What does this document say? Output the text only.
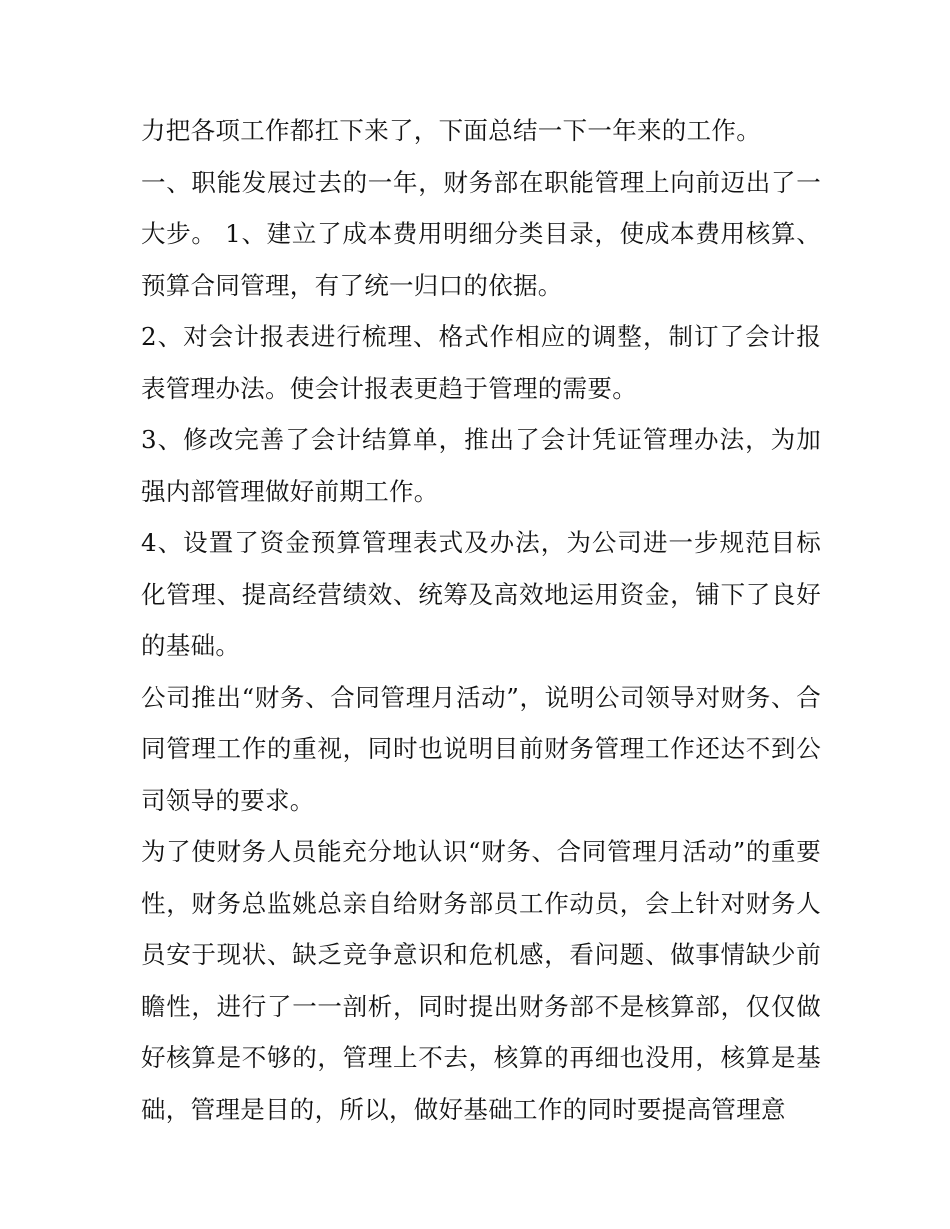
力把各项工作都扛下来了，下面总结一下一年来的工作。

一、职能发展过去的一年，财务部在职能管理上向前迈出了一大步。 1、建立了成本费用明细分类目录，使成本费用核算、预算合同管理，有了统一归口的依据。

2、对会计报表进行梳理、格式作相应的调整，制订了会计报表管理办法。使会计报表更趋于管理的需要。

3、修改完善了会计结算单，推出了会计凭证管理办法，为加强内部管理做好前期工作。

4、设置了资金预算管理表式及办法，为公司进一步规范目标化管理、提高经营绩效、统筹及高效地运用资金，铺下了良好的基础。

公司推出“财务、合同管理月活动”，说明公司领导对财务、合同管理工作的重视，同时也说明目前财务管理工作还达不到公司领导的要求。

为了使财务人员能充分地认识“财务、合同管理月活动”的重要性，财务总监姚总亲自给财务部员工作动员，会上针对财务人员安于现状、缺乏竞争意识和危机感，看问题、做事情缺少前瞻性，进行了一一剖析，同时提出财务部不是核算部，仅仅做好核算是不够的，管理上不去，核算的再细也没用，核算是基础，管理是目的，所以，做好基础工作的同时要提高管理意
